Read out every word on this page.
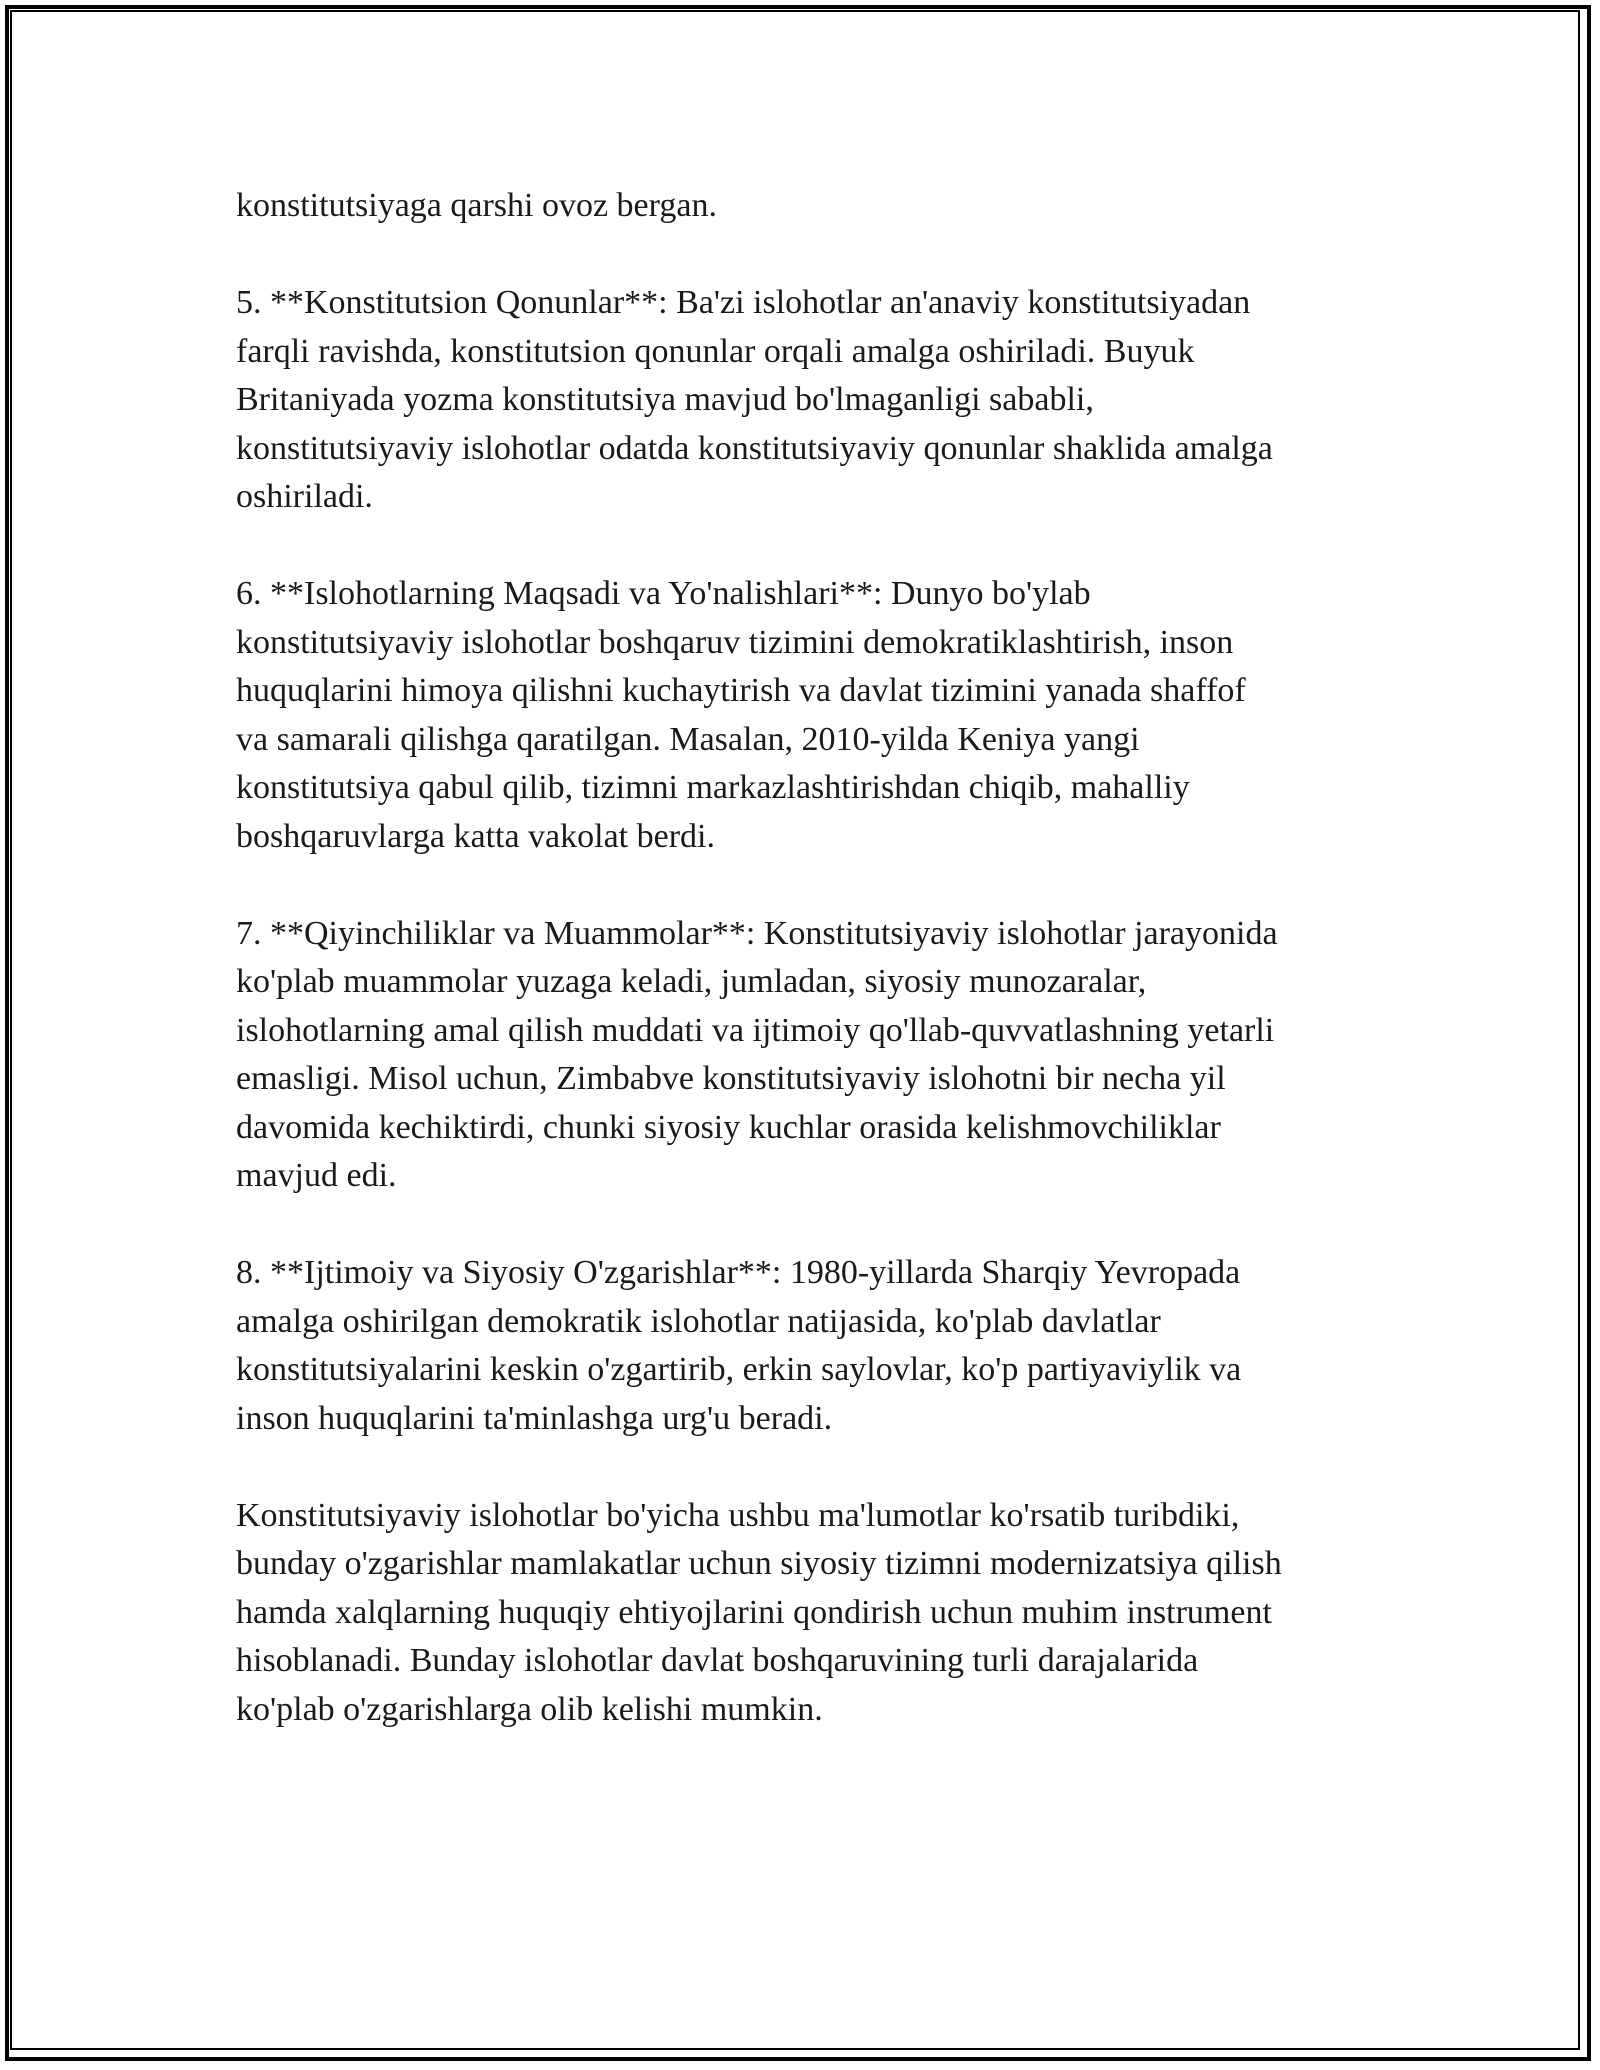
konstitutsiyaga qarshi ovoz bergan.

5. **Konstitutsion Qonunlar**: Ba'zi islohotlar an'anaviy konstitutsiyadan
farqli ravishda, konstitutsion qonunlar orqali amalga oshiriladi. Buyuk
Britaniyada yozma konstitutsiya mavjud bo'lmaganligi sababli,
konstitutsiyaviy islohotlar odatda konstitutsiyaviy qonunlar shaklida amalga
oshiriladi.

6. **Islohotlarning Maqsadi va Yo'nalishlari**: Dunyo bo'ylab
konstitutsiyaviy islohotlar boshqaruv tizimini demokratiklashtirish, inson
huquqlarini himoya qilishni kuchaytirish va davlat tizimini yanada shaffof
va samarali qilishga qaratilgan. Masalan, 2010-yilda Keniya yangi
konstitutsiya qabul qilib, tizimni markazlashtirishdan chiqib, mahalliy
boshqaruvlarga katta vakolat berdi.

7. **Qiyinchiliklar va Muammolar**: Konstitutsiyaviy islohotlar jarayonida
ko'plab muammolar yuzaga keladi, jumladan, siyosiy munozaralar,
islohotlarning amal qilish muddati va ijtimoiy qo'llab-quvvatlashning yetarli
emasligi. Misol uchun, Zimbabve konstitutsiyaviy islohotni bir necha yil
davomida kechiktirdi, chunki siyosiy kuchlar orasida kelishmovchiliklar
mavjud edi.

8. **Ijtimoiy va Siyosiy O'zgarishlar**: 1980-yillarda Sharqiy Yevropada
amalga oshirilgan demokratik islohotlar natijasida, ko'plab davlatlar
konstitutsiyalarini keskin o'zgartirib, erkin saylovlar, ko'p partiyaviylik va
inson huquqlarini ta'minlashga urg'u beradi.

Konstitutsiyaviy islohotlar bo'yicha ushbu ma'lumotlar ko'rsatib turibdiki,
bunday o'zgarishlar mamlakatlar uchun siyosiy tizimni modernizatsiya qilish
hamda xalqlarning huquqiy ehtiyojlarini qondirish uchun muhim instrument
hisoblanadi. Bunday islohotlar davlat boshqaruvining turli darajalarida
ko'plab o'zgarishlarga olib kelishi mumkin.
